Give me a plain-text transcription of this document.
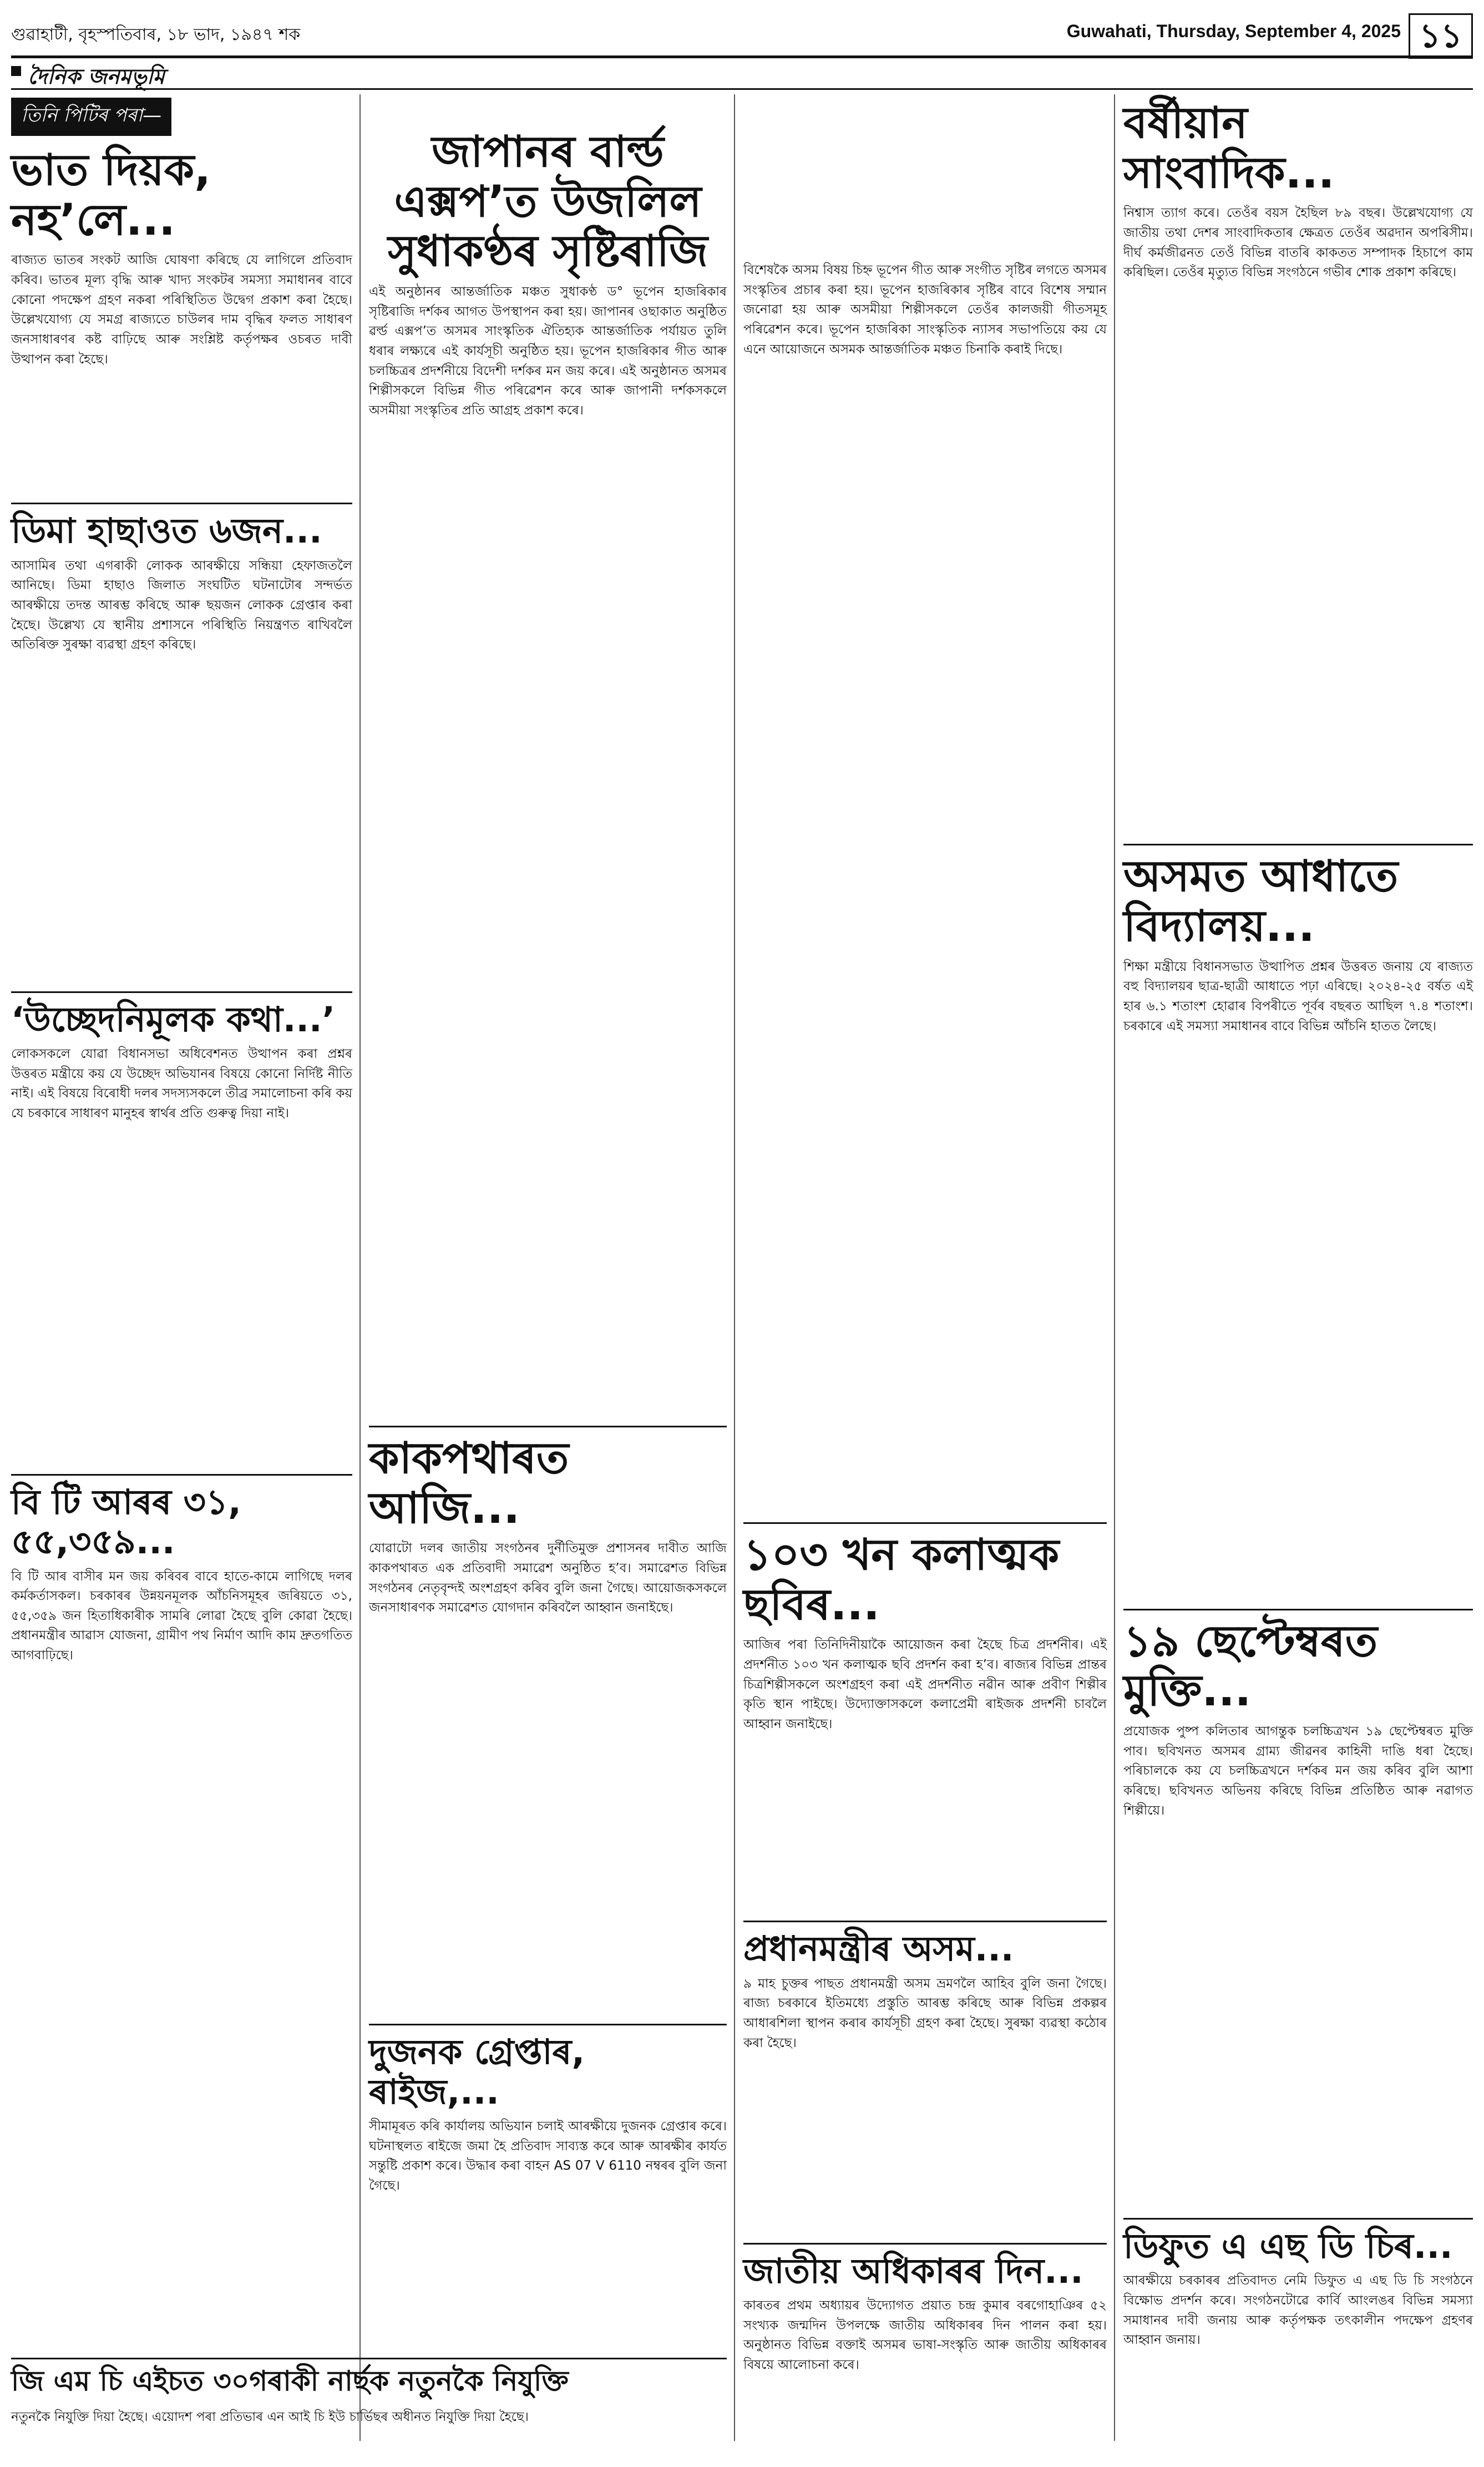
গুৱাহাটী, বৃহস্পতিবাৰ, ১৮ ভাদ, ১৯৪৭ শক	Guwahati, Thursday, September 4, 2025 ১১
দৈনিক জনমভূমি
তিনি পিটিৰ পৰা—
ভাত দিয়ক, নহ’লে...

ৰাজ্যত ভাতৰ সংকট আজি ঘোষণা কৰিছে যে লাগিলে প্ৰতিবাদ কৰিব। ভাতৰ মূল্য বৃদ্ধি আৰু খাদ্য সংকটৰ সমস্যা সমাধানৰ বাবে কোনো পদক্ষেপ গ্ৰহণ নকৰা পৰিস্থিতিত উদ্বেগ প্ৰকাশ কৰা হৈছে। উল্লেখযোগ্য যে সমগ্ৰ ৰাজ্যতে চাউলৰ দাম বৃদ্ধিৰ ফলত সাধাৰণ জনসাধাৰণৰ কষ্ট বাঢ়িছে আৰু সংশ্লিষ্ট কৰ্তৃপক্ষৰ ওচৰত দাবী উত্থাপন কৰা হৈছে।

ডিমা হাছাওত ৬জন...

আসামিৰ তথা এগৰাকী লোকক আৰক্ষীয়ে সন্ধিয়া হেফাজতলৈ আনিছে। ডিমা হাছাও জিলাত সংঘটিত ঘটনাটোৰ সন্দৰ্ভত আৰক্ষীয়ে তদন্ত আৰম্ভ কৰিছে আৰু ছয়জন লোকক গ্ৰেপ্তাৰ কৰা হৈছে। উল্লেখ্য যে স্থানীয় প্ৰশাসনে পৰিস্থিতি নিয়ন্ত্ৰণত ৰাখিবলৈ অতিৰিক্ত সুৰক্ষা ব্যৱস্থা গ্ৰহণ কৰিছে।

‘উচ্ছেদনিমূলক কথা...’

লোকসকলে যোৱা বিধানসভা অধিবেশনত উত্থাপন কৰা প্ৰশ্নৰ উত্তৰত মন্ত্ৰীয়ে কয় যে উচ্ছেদ অভিযানৰ বিষয়ে কোনো নিৰ্দিষ্ট নীতি নাই। এই বিষয়ে বিৰোধী দলৰ সদস্যসকলে তীব্ৰ সমালোচনা কৰি কয় যে চৰকাৰে সাধাৰণ মানুহৰ স্বাৰ্থৰ প্ৰতি গুৰুত্ব দিয়া নাই।

বি টি আৰৰ ৩১, ৫৫,৩৫৯...

বি টি আৰ বাসীৰ মন জয় কৰিবৰ বাবে হাতে-কামে লাগিছে দলৰ কৰ্মকৰ্তাসকল। চৰকাৰৰ উন্নয়নমূলক আঁচনিসমূহৰ জৰিয়তে ৩১, ৫৫,৩৫৯ জন হিতাধিকাৰীক সামৰি লোৱা হৈছে বুলি কোৱা হৈছে। প্ৰধানমন্ত্ৰীৰ আৱাস যোজনা, গ্ৰামীণ পথ নিৰ্মাণ আদি কাম দ্ৰুতগতিত আগবাঢ়িছে।

জাপানৰ বাৰ্ল্ড এক্সপ’ত উজলিল সুধাকণ্ঠৰ সৃষ্টিৰাজি

এই অনুষ্ঠানৰ আন্তৰ্জাতিক মঞ্চত সুধাকণ্ঠ ড° ভূপেন হাজৰিকাৰ সৃষ্টিৰাজি দৰ্শকৰ আগত উপস্থাপন কৰা হয়। জাপানৰ ওছাকাত অনুষ্ঠিত ৱৰ্ল্ড এক্সপ’ত অসমৰ সাংস্কৃতিক ঐতিহ্যক আন্তৰ্জাতিক পৰ্যায়ত তুলি ধৰাৰ লক্ষ্যৰে এই কাৰ্যসূচী অনুষ্ঠিত হয়। ভূপেন হাজৰিকাৰ গীত আৰু চলচ্চিত্ৰৰ প্ৰদৰ্শনীয়ে বিদেশী দৰ্শকৰ মন জয় কৰে। এই অনুষ্ঠানত অসমৰ শিল্পীসকলে বিভিন্ন গীত পৰিৱেশন কৰে আৰু জাপানী দৰ্শকসকলে অসমীয়া সংস্কৃতিৰ প্ৰতি আগ্ৰহ প্ৰকাশ কৰে।

কাকপথাৰত আজি...

যোৱাটো দলৰ জাতীয় সংগঠনৰ দুৰ্নীতিমুক্ত প্ৰশাসনৰ দাবীত আজি কাকপথাৰত এক প্ৰতিবাদী সমাৱেশ অনুষ্ঠিত হ’ব। সমাৱেশত বিভিন্ন সংগঠনৰ নেতৃবৃন্দই অংশগ্ৰহণ কৰিব বুলি জনা গৈছে। আয়োজকসকলে জনসাধাৰণক সমাৱেশত যোগদান কৰিবলৈ আহ্বান জনাইছে।

দুজনক গ্ৰেপ্তাৰ, ৰাইজ,...

সীমামূৰত কৰি কাৰ্যালয় অভিযান চলাই আৰক্ষীয়ে দুজনক গ্ৰেপ্তাৰ কৰে। ঘটনাস্থলত ৰাইজে জমা হৈ প্ৰতিবাদ সাব্যস্ত কৰে আৰু আৰক্ষীৰ কাৰ্যত সন্তুষ্টি প্ৰকাশ কৰে। উদ্ধাৰ কৰা বাহন AS 07 V 6110 নম্বৰৰ বুলি জনা গৈছে।

বিশেষকৈ অসম বিষয় চিহ্ন ভূপেন গীত আৰু সংগীত সৃষ্টিৰ লগতে অসমৰ সংস্কৃতিৰ প্ৰচাৰ কৰা হয়। ভূপেন হাজৰিকাৰ সৃষ্টিৰ বাবে বিশেষ সম্মান জনোৱা হয় আৰু অসমীয়া শিল্পীসকলে তেওঁৰ কালজয়ী গীতসমূহ পৰিৱেশন কৰে। ভূপেন হাজৰিকা সাংস্কৃতিক ন্যাসৰ সভাপতিয়ে কয় যে এনে আয়োজনে অসমক আন্তৰ্জাতিক মঞ্চত চিনাকি কৰাই দিছে।

১০৩ খন কলাত্মক ছবিৰ...

আজিৰ পৰা তিনিদিনীয়াকৈ আয়োজন কৰা হৈছে চিত্ৰ প্ৰদৰ্শনীৰ। এই প্ৰদৰ্শনীত ১০৩ খন কলাত্মক ছবি প্ৰদৰ্শন কৰা হ’ব। ৰাজ্যৰ বিভিন্ন প্ৰান্তৰ চিত্ৰশিল্পীসকলে অংশগ্ৰহণ কৰা এই প্ৰদৰ্শনীত নৱীন আৰু প্ৰবীণ শিল্পীৰ কৃতি স্থান পাইছে। উদ্যোক্তাসকলে কলাপ্ৰেমী ৰাইজক প্ৰদৰ্শনী চাবলৈ আহ্বান জনাইছে।

প্ৰধানমন্ত্ৰীৰ অসম...

৯ মাহ চুক্তৰ পাছত প্ৰধানমন্ত্ৰী অসম ভ্ৰমণলৈ আহিব বুলি জনা গৈছে। ৰাজ্য চৰকাৰে ইতিমধ্যে প্ৰস্তুতি আৰম্ভ কৰিছে আৰু বিভিন্ন প্ৰকল্পৰ আধাৰশিলা স্থাপন কৰাৰ কাৰ্যসূচী গ্ৰহণ কৰা হৈছে। সুৰক্ষা ব্যৱস্থা কঠোৰ কৰা হৈছে।

জাতীয় অধিকাৰৰ দিন...

কাৰতৰ প্ৰথম অধ্যায়ৰ উদ্যোগত প্ৰয়াত চন্দ্ৰ কুমাৰ বৰগোহাঞিৰ ৫২ সংখ্যক জন্মদিন উপলক্ষে জাতীয় অধিকাৰৰ দিন পালন কৰা হয়। অনুষ্ঠানত বিভিন্ন বক্তাই অসমৰ ভাষা-সংস্কৃতি আৰু জাতীয় অধিকাৰৰ বিষয়ে আলোচনা কৰে।

বৰ্ষীয়ান সাংবাদিক...

নিশ্বাস ত্যাগ কৰে। তেওঁৰ বয়স হৈছিল ৮৯ বছৰ। উল্লেখযোগ্য যে জাতীয় তথা দেশৰ সাংবাদিকতাৰ ক্ষেত্ৰত তেওঁৰ অৱদান অপৰিসীম। দীৰ্ঘ কৰ্মজীৱনত তেওঁ বিভিন্ন বাতৰি কাকতত সম্পাদক হিচাপে কাম কৰিছিল। তেওঁৰ মৃত্যুত বিভিন্ন সংগঠনে গভীৰ শোক প্ৰকাশ কৰিছে।

অসমত আধাতে বিদ্যালয়...

শিক্ষা মন্ত্ৰীয়ে বিধানসভাত উত্থাপিত প্ৰশ্নৰ উত্তৰত জনায় যে ৰাজ্যত বহু বিদ্যালয়ৰ ছাত্ৰ-ছাত্ৰী আধাতে পঢ়া এৰিছে। ২০২৪-২৫ বৰ্ষত এই হাৰ ৬.১ শতাংশ হোৱাৰ বিপৰীতে পূৰ্বৰ বছৰত আছিল ৭.৪ শতাংশ। চৰকাৰে এই সমস্যা সমাধানৰ বাবে বিভিন্ন আঁচনি হাতত লৈছে।

১৯ ছেপ্টেম্বৰত মুক্তি...

প্ৰযোজক পুষ্প কলিতাৰ আগন্তুক চলচ্চিত্ৰখন ১৯ ছেপ্টেম্বৰত মুক্তি পাব। ছবিখনত অসমৰ গ্ৰাম্য জীৱনৰ কাহিনী দাঙি ধৰা হৈছে। পৰিচালকে কয় যে চলচ্চিত্ৰখনে দৰ্শকৰ মন জয় কৰিব বুলি আশা কৰিছে। ছবিখনত অভিনয় কৰিছে বিভিন্ন প্ৰতিষ্ঠিত আৰু নৱাগত শিল্পীয়ে।

ডিফুত এ এছ ডি চিৰ...

আৰক্ষীয়ে চৰকাৰৰ প্ৰতিবাদত নেমি ডিফুত এ এছ ডি চি সংগঠনে বিক্ষোভ প্ৰদৰ্শন কৰে। সংগঠনটোৱে কাৰ্বি আংলঙৰ বিভিন্ন সমস্যা সমাধানৰ দাবী জনায় আৰু কৰ্তৃপক্ষক তৎকালীন পদক্ষেপ গ্ৰহণৰ আহ্বান জনায়।

জি এম চি এইচত ৩০গৰাকী নাৰ্ছক নতুনকৈ নিযুক্তি
নতুনকৈ নিযুক্তি দিয়া হৈছে। এয়োদশ পৰা প্ৰতিভাৰ এন আই চি ইউ চাৰ্ভিছৰ অধীনত নিযুক্তি দিয়া হৈছে।
